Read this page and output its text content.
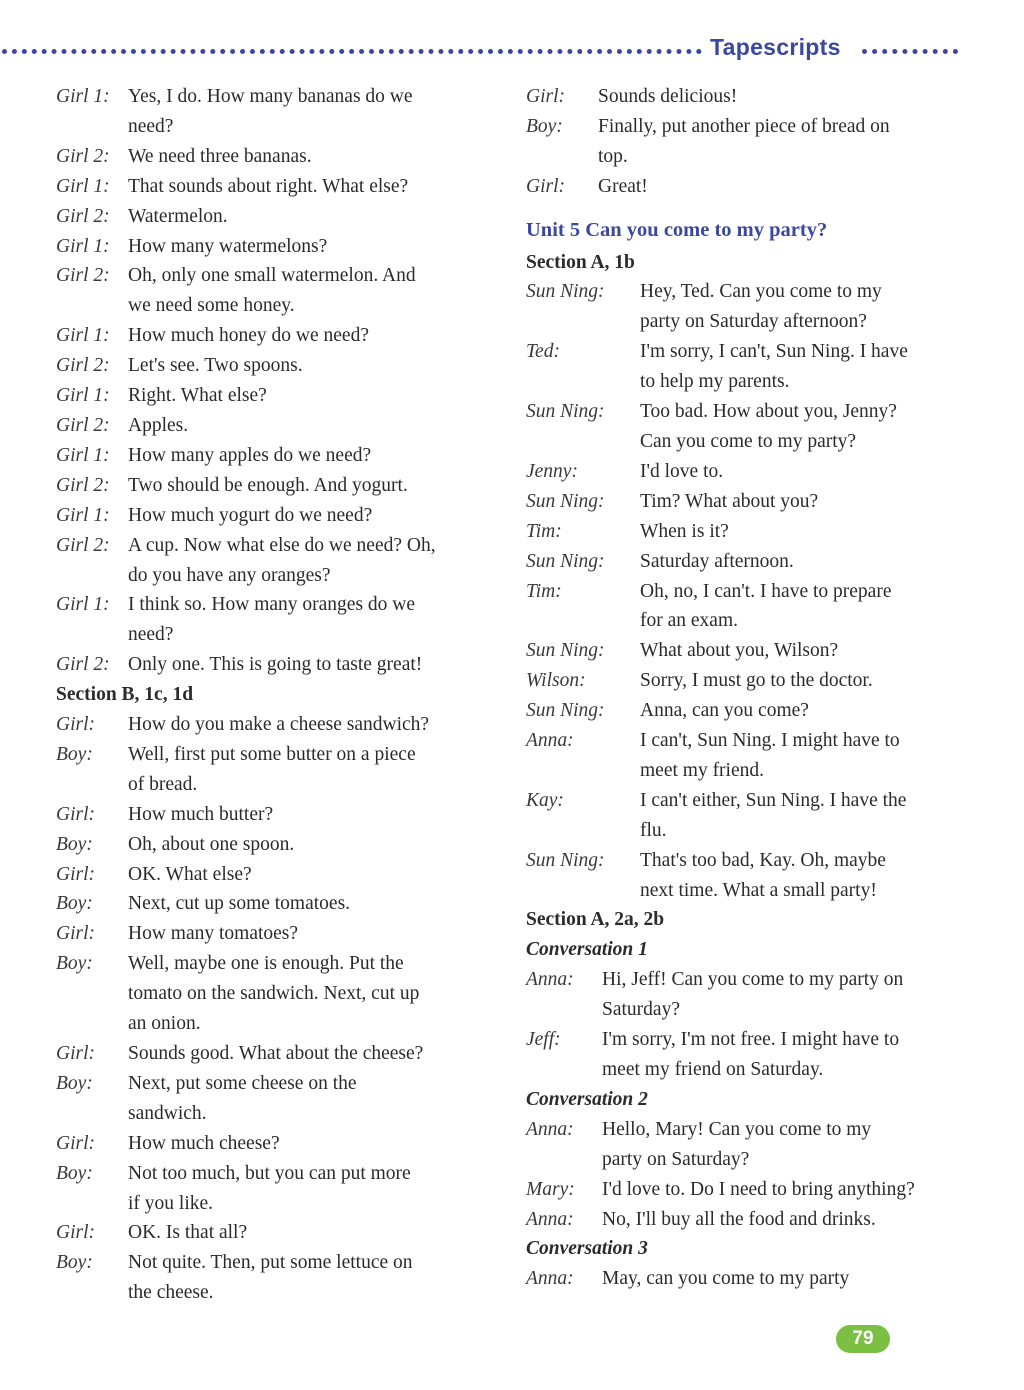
Tapescripts
Girl 1: Yes, I do. How many bananas do we
need?
Girl 2: We need three bananas.
Girl 1: That sounds about right. What else?
Girl 2: Watermelon.
Girl 1: How many watermelons?
Girl 2: Oh, only one small watermelon. And
we need some honey.
Girl 1: How much honey do we need?
Girl 2: Let's see. Two spoons.
Girl 1: Right. What else?
Girl 2: Apples.
Girl 1: How many apples do we need?
Girl 2: Two should be enough. And yogurt.
Girl 1: How much yogurt do we need?
Girl 2: A cup. Now what else do we need? Oh,
do you have any oranges?
Girl 1: I think so. How many oranges do we
need?
Girl 2: Only one. This is going to taste great!
Section B, 1c, 1d
Girl:	How do you make a cheese sandwich?
Boy:	Well, first put some butter on a piece
of bread.
Girl:	How much butter?
Boy:	Oh, about one spoon.
Girl:	OK. What else?
Boy:	Next, cut up some tomatoes.
Girl:	How many tomatoes?
Boy:	Well, maybe one is enough. Put the
tomato on the sandwich. Next, cut up
an onion.
Girl:	Sounds good. What about the cheese?
Boy:	Next, put some cheese on the
sandwich.
Girl:	How much cheese?
Boy:	Not too much, but you can put more
if you like.
Girl:	OK. Is that all?
Boy:	Not quite. Then, put some lettuce on
the cheese.
Girl:	Sounds delicious!
Boy:	Finally, put another piece of bread on
top.
Girl:	Great!
Unit 5 Can you come to my party?
Section A, 1b
Sun Ning:	Hey, Ted. Can you come to my
party on Saturday afternoon?
Ted:	I'm sorry, I can't, Sun Ning. I have
to help my parents.
Sun Ning:	Too bad. How about you, Jenny?
Can you come to my party?
Jenny:	I'd love to.
Sun Ning:	Tim? What about you?
Tim:	When is it?
Sun Ning:	Saturday afternoon.
Tim:	Oh, no, I can't. I have to prepare
for an exam.
Sun Ning:	What about you, Wilson?
Wilson:	Sorry, I must go to the doctor.
Sun Ning:	Anna, can you come?
Anna:	I can't, Sun Ning. I might have to
meet my friend.
Kay:	I can't either, Sun Ning. I have the
flu.
Sun Ning:	That's too bad, Kay. Oh, maybe
next time. What a small party!
Section A, 2a, 2b
Conversation 1
Anna:	Hi, Jeff! Can you come to my party on
Saturday?
Jeff:	I'm sorry, I'm not free. I might have to
meet my friend on Saturday.
Conversation 2
Anna:	Hello, Mary! Can you come to my
party on Saturday?
Mary:	I'd love to. Do I need to bring anything?
Anna:	No, I'll buy all the food and drinks.
Conversation 3
Anna:	May, can you come to my party
79
